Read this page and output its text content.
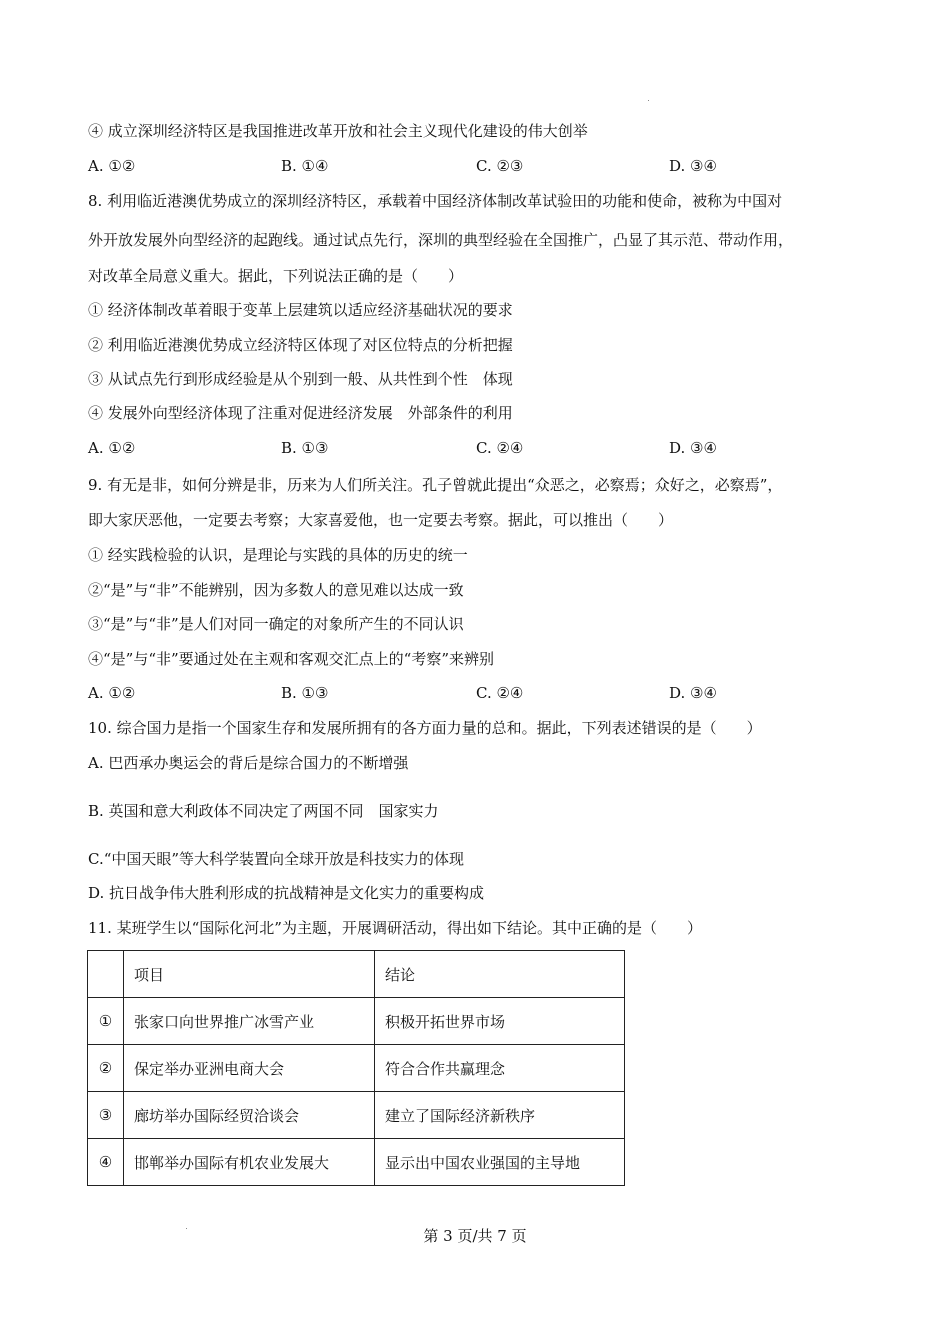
④ 成立深圳经济特区是我国推进改革开放和社会主义现代化建设的伟大创举
A. ①②	B. ①④	C. ②③	D. ③④
8. 利用临近港澳优势成立的深圳经济特区，承载着中国经济体制改革试验田的功能和使命，被称为中国对
外开放发展外向型经济的起跑线。通过试点先行，深圳的典型经验在全国推广，凸显了其示范、带动作用，
对改革全局意义重大。据此，下列说法正确的是（　　）
① 经济体制改革着眼于变革上层建筑以适应经济基础状况的要求
② 利用临近港澳优势成立经济特区体现了对区位特点的分析把握
③ 从试点先行到形成经验是从个别到一般、从共性到个性　体现
④ 发展外向型经济体现了注重对促进经济发展　外部条件的利用
A. ①②	B. ①③	C. ②④	D. ③④
9. 有无是非，如何分辨是非，历来为人们所关注。孔子曾就此提出“众恶之，必察焉；众好之，必察焉”，
即大家厌恶他，一定要去考察；大家喜爱他，也一定要去考察。据此，可以推出（　　）
① 经实践检验的认识，是理论与实践的具体的历史的统一
②“是”与“非”不能辨别，因为多数人的意见难以达成一致
③“是”与“非”是人们对同一确定的对象所产生的不同认识
④“是”与“非”要通过处在主观和客观交汇点上的“考察”来辨别
A. ①②	B. ①③	C. ②④	D. ③④
10. 综合国力是指一个国家生存和发展所拥有的各方面力量的总和。据此，下列表述错误的是（　　）
A. 巴西承办奥运会的背后是综合国力的不断增强
B. 英国和意大利政体不同决定了两国不同　国家实力
C.“中国天眼”等大科学装置向全球开放是科技实力的体现
D. 抗日战争伟大胜利形成的抗战精神是文化实力的重要构成
11. 某班学生以“国际化河北”为主题，开展调研活动，得出如下结论。其中正确的是（　　）
	项目	结论
①	张家口向世界推广冰雪产业	积极开拓世界市场
②	保定举办亚洲电商大会	符合合作共赢理念
③	廊坊举办国际经贸洽谈会	建立了国际经济新秩序
④	邯郸举办国际有机农业发展大	显示出中国农业强国的主导地
第 3 页/共 7 页
